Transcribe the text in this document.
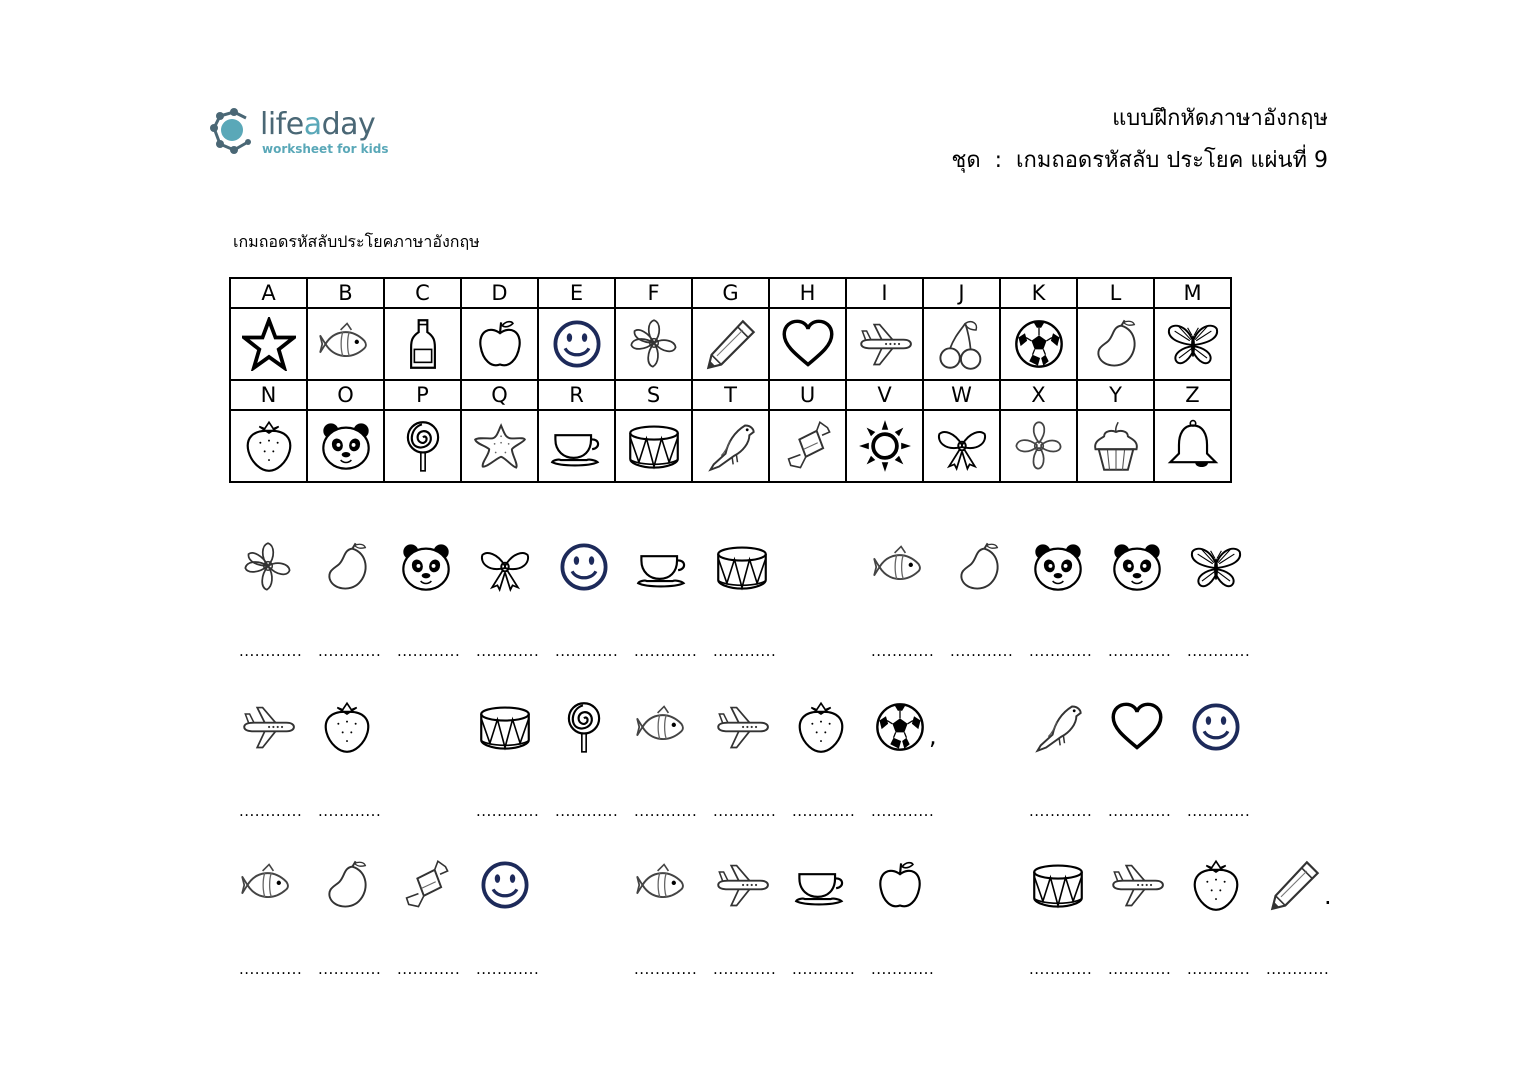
lifeaday
worksheet for kids
แบบฝึกหัดภาษาอังกฤษ
ชุด : เกมถอดรหัสลับ ประโยค แผ่นที่ 9
เกมถอดรหัสลับประโยคภาษาอังกฤษ
A	B	C	D	E	F	G	H	I	J	K	L	M

N	O	P	Q	R	S	T	U	V	W	X	Y	Z

............ ............ ............ ............ ............ ............ ............	............ ............ ............ ............ ............
............ ............	............ ............ ............ ............ ............ ............
,
............ ............ ............
............ ............ ............ ............	............ ............ ............ ............	............ ............ ............ ............
.
